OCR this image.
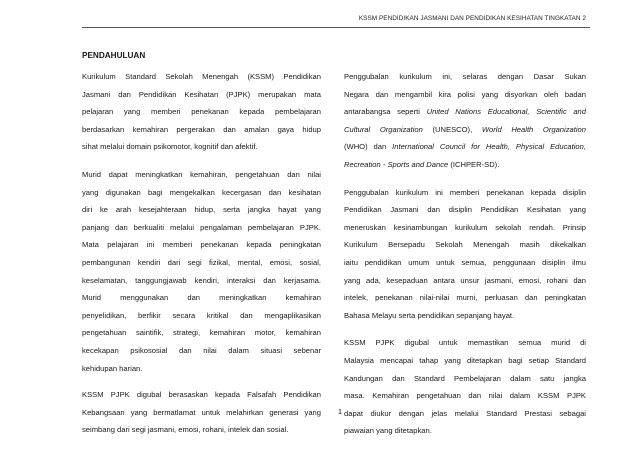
KSSM PENDIDIKAN JASMANI DAN PENDIDIKAN KESIHATAN TINGKATAN 2
PENDAHULUAN
Kurikulum Standard Sekolah Menengah (KSSM) Pendidikan
Jasmani dan Pendidikan Kesihatan (PJPK) merupakan mata
pelajaran yang memberi penekanan kepada pembelajaran
berdasarkan kemahiran pergerakan dan amalan gaya hidup
sihat melalui domain psikomotor, kognitif dan afektif.
Murid dapat meningkatkan kemahiran, pengetahuan dan nilai
yang digunakan bagi mengekalkan kecergasan dan kesihatan
diri ke arah kesejahteraan hidup, serta jangka hayat yang
panjang dan berkualiti melalui pengalaman pembelajaran PJPK.
Mata pelajaran ini memberi penekanan kepada peningkatan
pembangunan kendiri dari segi fizikal, mental, emosi, sosial,
keselamatan, tanggungjawab kendiri, interaksi dan kerjasama.
Murid menggunakan dan meningkatkan kemahiran
penyelidikan, berfikir secara kritikal dan mengaplikasikan
pengetahuan saintifik, strategi, kemahiran motor, kemahiran
kecekapan psikososial dan nilai dalam situasi sebenar
kehidupan harian.
KSSM PJPK digubal berasaskan kepada Falsafah Pendidikan
Kebangsaan yang bermatlamat untuk melahirkan generasi yang
seimbang dari segi jasmani, emosi, rohani, intelek dan sosial.
Penggubalan kurikulum ini, selaras dengan Dasar Sukan
Negara dan mengambil kira polisi yang disyorkan oleh badan
antarabangsa seperti United Nations Educational, Scientific and
Cultural Organization (UNESCO), World Health Organization
(WHO) dan International Council for Health, Physical Education,
Recreation - Sports and Dance (ICHPER-SD).
Penggubalan kurikulum ini memberi penekanan kepada disiplin
Pendidikan Jasmani dan disiplin Pendidikan Kesihatan yang
meneruskan kesinambungan kurikulum sekolah rendah. Prinsip
Kurikulum Bersepadu Sekolah Menengah masih dikekalkan
iaitu pendidikan umum untuk semua, penggunaan disiplin ilmu
yang ada, kesepaduan antara unsur jasmani, emosi, rohani dan
intelek, penekanan nilai-nilai murni, perluasan dan peningkatan
Bahasa Melayu serta pendidikan sepanjang hayat.
KSSM PJPK digubal untuk memastikan semua murid di
Malaysia mencapai tahap yang ditetapkan bagi setiap Standard
Kandungan dan Standard Pembelajaran dalam satu jangka
masa. Kemahiran pengetahuan dan nilai dalam KSSM PJPK
dapat diukur dengan jelas melalui Standard Prestasi sebagai
piawaian yang ditetapkan.
1
